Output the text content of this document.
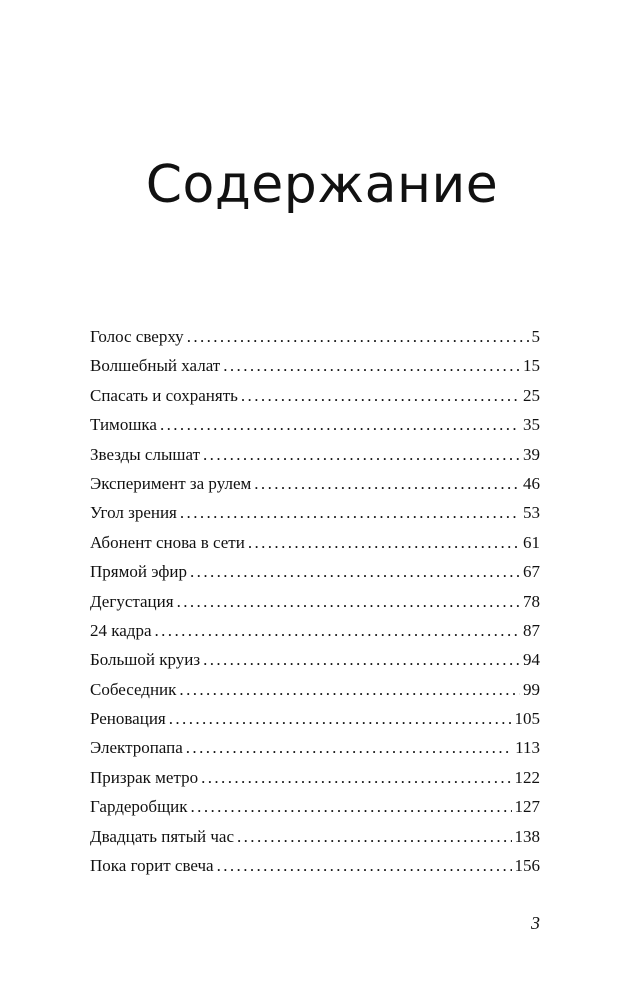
Содержание
Голос сверху .....	5
Волшебный халат .....	15
Спасать и сохранять .....	25
Тимошка .....	35
Звезды слышат .....	39
Эксперимент за рулем .....	46
Угол зрения .....	53
Абонент снова в сети .....	61
Прямой эфир .....	67
Дегустация .....	78
24 кадра .....	87
Большой круиз .....	94
Собеседник .....	99
Реновация .....	105
Электропапа .....	113
Призрак метро .....	122
Гардеробщик .....	127
Двадцать пятый час .....	138
Пока горит свеча .....	156
3
